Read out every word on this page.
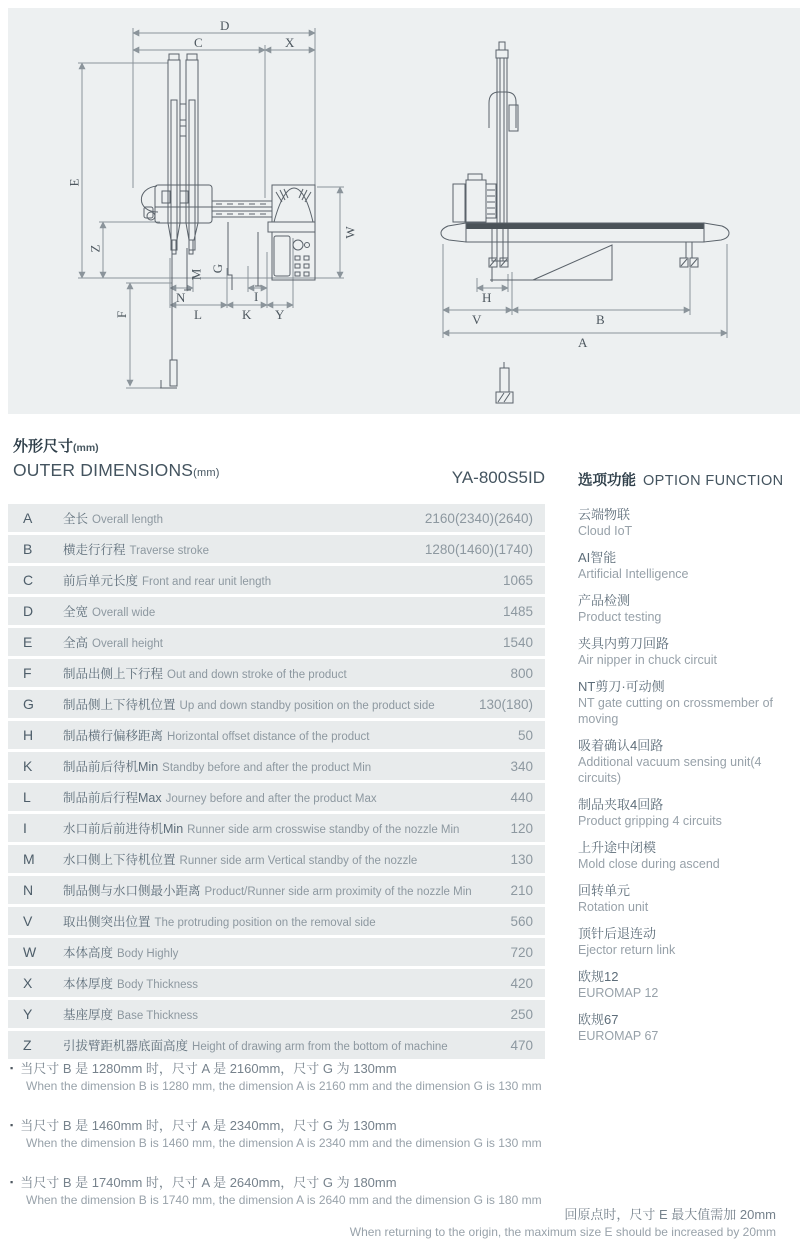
D
C	X
E
Z
W
F
M
G
N
L	K Y
I	H
V	B
A
外形尺寸(mm)
OUTER DIMENSIONS(mm)	YA-800S5ID 选项功能 OPTION FUNCTION
A	全长 Overall length	2160(2340)(2640)
B	横走行行程 Traverse stroke	1280(1460)(1740)
C	前后单元长度 Front and rear unit length	1065
D	全宽 Overall wide	1485
E	全高 Overall height	1540
F	制品出侧上下行程 Out and down stroke of the product	800
G	制品侧上下待机位置 Up and down standby position on the product side	130(180)
H	制品横行偏移距离 Horizontal offset distance of the product	50
K	制品前后待机Min Standby before and after the product Min	340
L	制品前后行程Max Journey before and after the product Max	440
I	水口前后前进待机Min Runner side arm crosswise standby of the nozzle Min	120
M	水口侧上下待机位置 Runner side arm Vertical standby of the nozzle	130
N	制品侧与水口侧最小距离 Product/Runner side arm proximity of the nozzle Min	210
V	取出侧突出位置 The protruding position on the removal side	560
W	本体高度 Body Highly	720
X	本体厚度 Body Thickness	420
Y	基座厚度 Base Thickness	250
Z	引拔臂距机器底面高度 Height of drawing arm from the bottom of machine	470
云端物联
Cloud IoT
AI智能
Artificial Intelligence
产品检测
Product testing
夹具内剪刀回路
Air nipper in chuck circuit
NT剪刀·可动侧
NT gate cutting on crossmember of moving
吸着确认4回路
Additional vacuum sensing unit(4 circuits)
制品夹取4回路
Product gripping 4 circuits
上升途中闭模
Mold close during ascend
回转单元
Rotation unit
顶针后退连动
Ejector return link
欧规12
EUROMAP 12
欧规67
EUROMAP 67
▪ 当尺寸 B 是 1280mm 时，尺寸 A 是 2160mm，尺寸 G 为 130mm
When the dimension B is 1280 mm, the dimension A is 2160 mm and the dimension G is 130 mm
▪ 当尺寸 B 是 1460mm 时，尺寸 A 是 2340mm，尺寸 G 为 130mm
When the dimension B is 1460 mm, the dimension A is 2340 mm and the dimension G is 130 mm
▪ 当尺寸 B 是 1740mm 时，尺寸 A 是 2640mm，尺寸 G 为 180mm
When the dimension B is 1740 mm, the dimension A is 2640 mm and the dimension G is 180 mm
回原点时，尺寸 E 最大值需加 20mm
When returning to the origin, the maximum size E should be increased by 20mm
